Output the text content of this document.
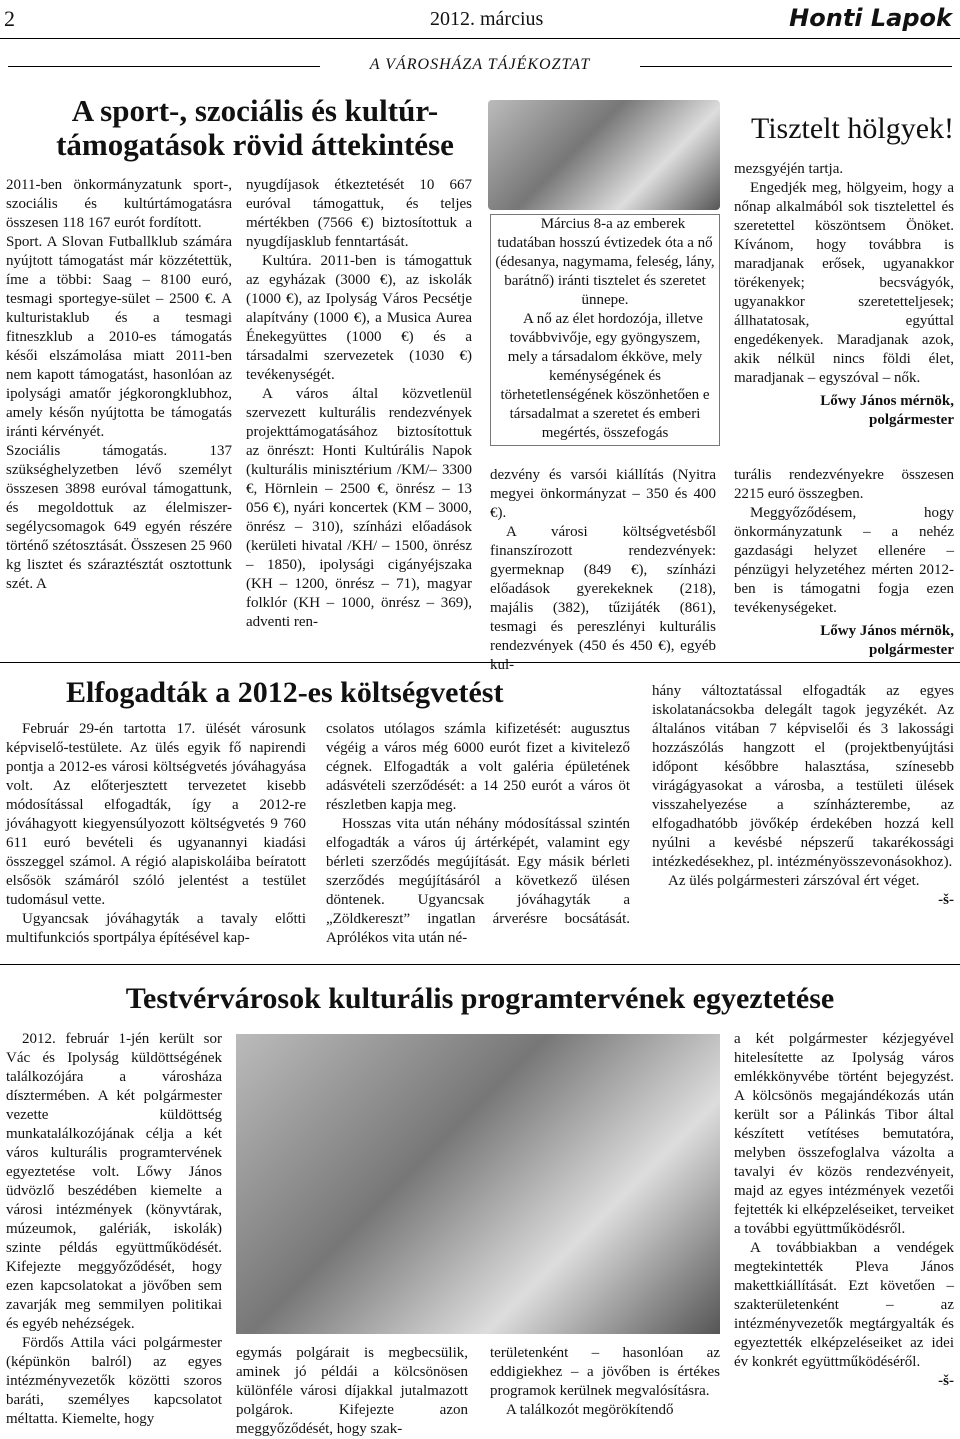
2	2012. március	Honti Lapok
A VÁROSHÁZA TÁJÉKOZTAT
A sport-, szociális és kultúr-
támogatások rövid áttekintése

2011-ben önkormányzatunk sport-, szociális és kultúrtámogatásra összesen 118 167 eurót fordított.

Sport. A Slovan Futballklub számára nyújtott támogatást már közzétettük, íme a többi: Saag – 8100 euró, tesmagi sportegye-sület – 2500 €. A kulturistaklub és a tesmagi fitneszklub a 2010-es támogatás késői elszámolása miatt 2011-ben nem kapott támogatást, hasonlóan az ipolysági amatőr jégkorongklubhoz, amely későn nyújtotta be támogatás iránti kérvényét.

Szociális támogatás. 137 szükséghelyzetben lévő személyt összesen 3898 euróval támogattunk, és megoldottuk az élelmiszer-segélycsomagok 649 egyén részére történő szétosztását. Összesen 25 960 kg lisztet és száraztésztát osztottunk szét. A

nyugdíjasok étkeztetését 10 667 euróval támogattuk, és teljes mértékben (7566 €) biztosítottuk a nyugdíjasklub fenntartását.

Kultúra. 2011-ben is támogattuk az egyházak (3000 €), az iskolák (1000 €), az Ipolyság Város Pecsétje alapítvány (1000 €), a Musica Aurea Énekegyüttes (1000 €) és a társadalmi szervezetek (1030 €) tevékenységét.

A város által közvetlenül szervezett kulturális rendezvények projekttámogatásához biztosítottuk az önrészt: Honti Kultúrális Napok (kulturális minisztérium /KM/– 3300 €, Hörnlein – 2500 €, önrész – 13 056 €), nyári koncertek (KM – 3000, önrész – 310), színházi előadások (kerületi hivatal /KH/ – 1500, önrész – 1850), ipolysági cigányéjszaka (KH – 1200, önrész – 71), magyar folklór (KH – 1000, önrész – 369), adventi ren-

Tisztelt hölgyek!

Március 8-a az emberek tudatában hosszú évtizedek óta a nő (édesanya, nagymama, feleség, lány, barátnő) iránti tisztelet és szeretet ünnepe.

A nő az élet hordozója, illetve továbbvivője, egy gyöngyszem, mely a társadalom ékköve, mely keménységének és törhetetlenségének köszönhetően e társadalmat a szeretet és emberi megértés, összefogás

mezsgyéjén tartja.

Engedjék meg, hölgyeim, hogy a nőnap alkalmából sok tisztelettel és szeretettel köszöntsem Önöket. Kívánom, hogy továbbra is maradjanak erősek, ugyanakkor törékenyek; becsvágyók, ugyanakkor szeretetteljesek; állhatatosak, egyúttal engedékenyek. Maradjanak azok, akik nélkül nincs földi élet, maradjanak – egyszóval – nők.

Lőwy János mérnök,
polgármester

dezvény és varsói kiállítás (Nyitra megyei önkormányzat – 350 és 400 €).

A városi költségvetésből finanszírozott rendezvények: gyermeknap (849 €), színházi előadások gyerekeknek (218), majális (382), tűzijáték (861), tesmagi és pereszlényi kulturális rendezvények (450 és 450 €), egyéb kul-

turális rendezvényekre összesen 2215 euró összegben.

Meggyőződésem, hogy önkormányzatunk – a nehéz gazdasági helyzet ellenére – pénzügyi helyzetéhez mérten 2012-ben is támogatni fogja ezen tevékenységeket.

Lőwy János mérnök,
polgármester
Elfogadták a 2012-es költségvetést

Február 29-én tartotta 17. ülését városunk képviselő-testülete. Az ülés egyik fő napirendi pontja a 2012-es városi költségvetés jóváhagyása volt. Az előterjesztett tervezetet kisebb módosítással elfogadták, így a 2012-re jóváhagyott kiegyensúlyozott költségvetés 9 760 611 euró bevételi és ugyanannyi kiadási összeggel számol. A régió alapiskoláiba beíratott elsősök számáról szóló jelentést a testület tudomásul vette.

Ugyancsak jóváhagyták a tavaly előtti multifunkciós sportpálya építésével kap-

csolatos utólagos számla kifizetését: augusztus végéig a város még 6000 eurót fizet a kivitelező cégnek. Elfogadták a volt galéria épületének adásvételi szerződését: a 14 250 eurót a város öt részletben kapja meg.

Hosszas vita után néhány módosítással szintén elfogadták a város új ártérképét, valamint egy bérleti szerződés megújítását. Egy másik bérleti szerződés megújításáról a következő ülésen döntenek. Ugyancsak jóváhagyták a „Zöldkereszt” ingatlan árverésre bocsátását. Aprólékos vita után né-

hány változtatással elfogadták az egyes iskolatanácsokba delegált tagok jegyzékét. Az általános vitában 7 képviselői és 3 lakossági hozzászólás hangzott el (projektbenyújtási időpont későbbre halasztása, színesebb virágágyasokat a városba, a testületi ülések visszahelyezése a színházterembe, az elfogadhatóbb jövőkép érdekében hozzá kell nyúlni a kevésbé népszerű takarékossági intézkedésekhez, pl. intézményösszevonásokhoz).

Az ülés polgármesteri zárszóval ért véget.

-š-
Testvérvárosok kulturális programtervének egyeztetése

2012. február 1-jén került sor Vác és Ipolyság küldöttségének találkozójára a városháza dísztermében. A két polgármester vezette küldöttség munkatalálkozójának célja a két város kulturális programtervének egyeztetése volt. Lőwy János üdvözlő beszédében kiemelte a városi intézmények (könyvtárak, múzeumok, galériák, iskolák) szinte példás együttműködését. Kifejezte meggyőződését, hogy ezen kapcsolatokat a jövőben sem zavarják meg semmilyen politikai és egyéb nehézségek.

Fördős Attila váci polgármester (képünkön balról) az egyes intézményvezetők közötti szoros baráti, személyes kapcsolatot méltatta. Kiemelte, hogy

egymás polgárait is megbecsülik, aminek jó példái a kölcsönösen különféle városi díjakkal jutalmazott polgárok. Kifejezte azon meggyőződését, hogy szak-

területenként – hasonlóan az eddigiekhez – a jövőben is értékes programok kerülnek megvalósításra.

A találkozót megörökítendő

a két polgármester kézjegyével hitelesítette az Ipolyság város emlékkönyvébe történt bejegyzést. A kölcsönös megajándékozás után került sor a Pálinkás Tibor által készített vetítéses bemutatóra, melyben összefoglalva vázolta a tavalyi év közös rendezvényeit, majd az egyes intézmények vezetői fejtették ki elképzeléseiket, terveiket a további együttműködésről.

A továbbiakban a vendégek megtekintették Pleva János makettkiállítását. Ezt követően – szakterületenként – az intézményvezetők megtárgyalták és egyeztették elképzeléseiket az idei év konkrét együttműködéséről.

-š-
